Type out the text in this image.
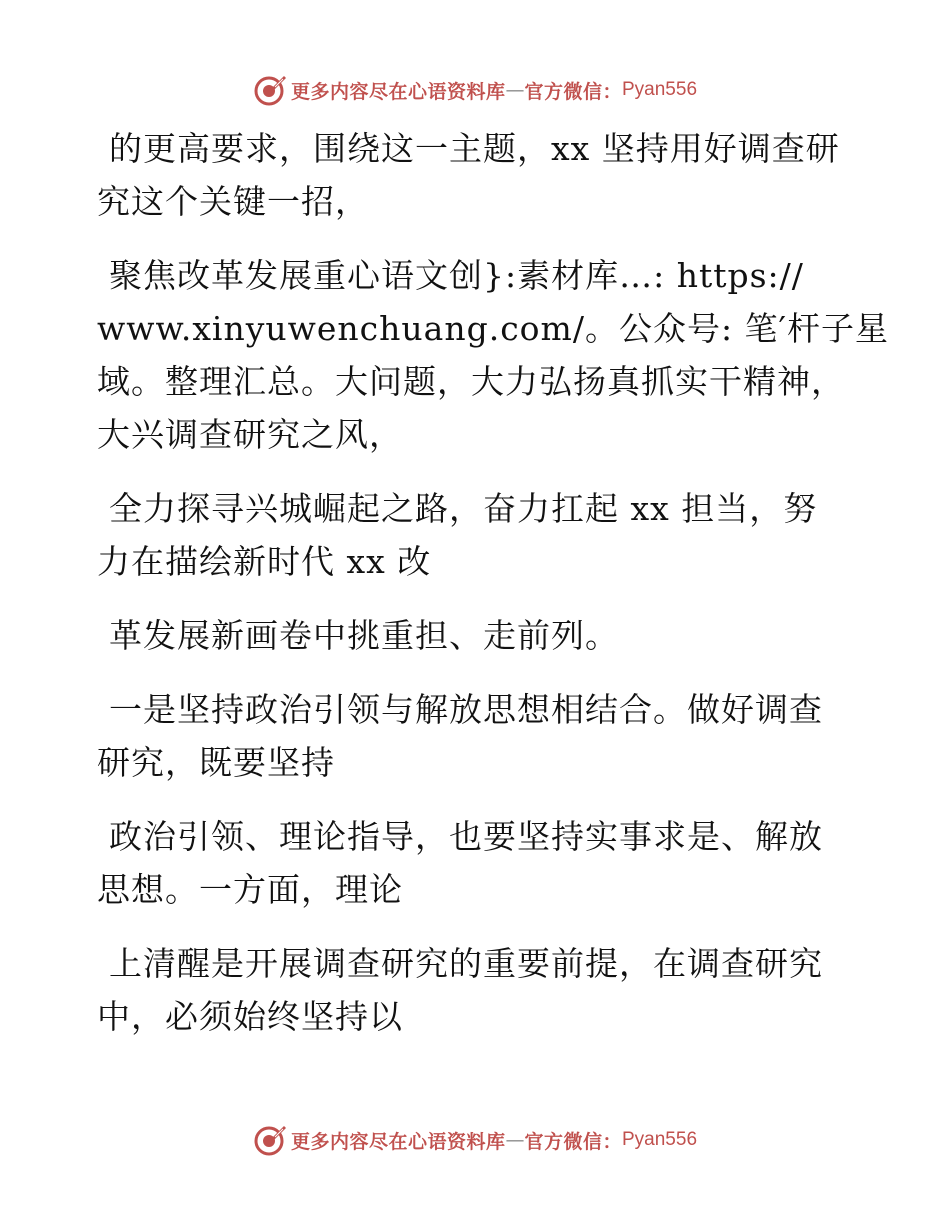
更多内容尽在心语资料库 — 官方微信： Pyan556
的更高要求，围绕这一主题，xx 坚持用好调查研
究这个关键一招，
聚焦改革发展重心语文创}:素材库…: https://
www.xinyuwenchuang.com/。公众号: 笔′杆子星
域。整理汇总。大问题，大力弘扬真抓实干精神，
大兴调查研究之风，
全力探寻兴城崛起之路，奋力扛起 xx 担当，努
力在描绘新时代 xx 改
革发展新画卷中挑重担、走前列。
一是坚持政治引领与解放思想相结合。做好调查
研究，既要坚持
政治引领、理论指导，也要坚持实事求是、解放
思想。一方面，理论
上清醒是开展调查研究的重要前提，在调查研究
中，必须始终坚持以
更多内容尽在心语资料库 — 官方微信： Pyan556
